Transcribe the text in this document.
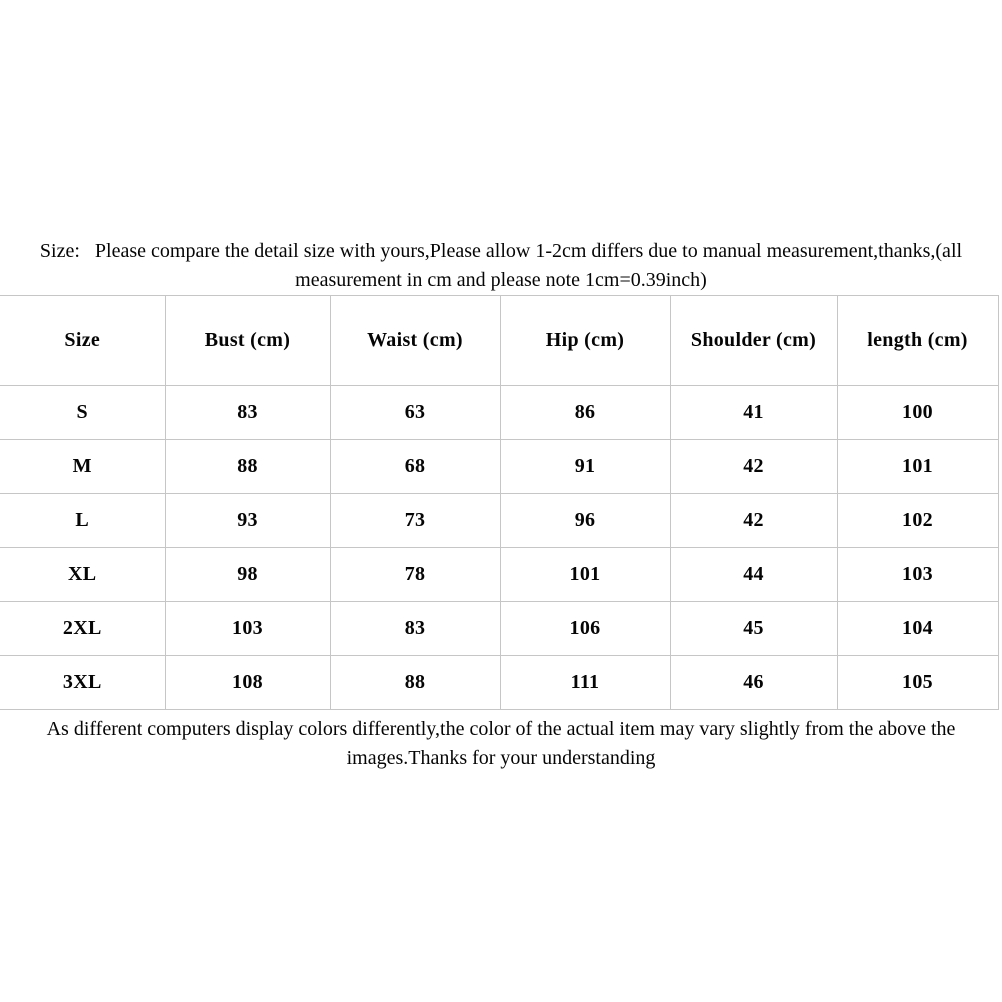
Size:   Please compare the detail size with yours,Please allow 1-2cm differs due to manual measurement,thanks,(all
measurement in cm and please note 1cm=0.39inch)
Size	Bust (cm)	Waist (cm)	Hip (cm)	Shoulder (cm)	length (cm)
S	83	63	86	41	100
M	88	68	91	42	101
L	93	73	96	42	102
XL	98	78	101	44	103
2XL	103	83	106	45	104
3XL	108	88	111	46	105
As different computers display colors differently,the color of the actual item may vary slightly from the above the
images.Thanks for your understanding
